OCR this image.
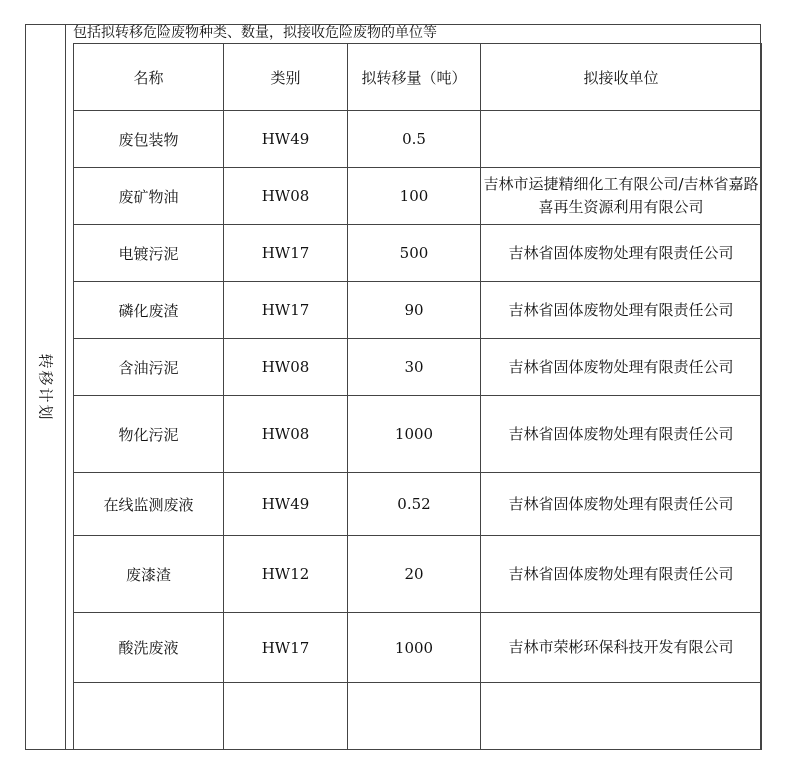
转移计划
包括拟转移危险废物种类、数量，拟接收危险废物的单位等
名称	类别	拟转移量（吨）	拟接收单位
废包装物	HW49	0.5	
废矿物油	HW08	100	吉林市运捷精细化工有限公司/吉林省嘉路喜再生资源利用有限公司
电镀污泥	HW17	500	吉林省固体废物处理有限责任公司
磷化废渣	HW17	90	吉林省固体废物处理有限责任公司
含油污泥	HW08	30	吉林省固体废物处理有限责任公司
物化污泥	HW08	1000	吉林省固体废物处理有限责任公司
在线监测废液	HW49	0.52	吉林省固体废物处理有限责任公司
废漆渣	HW12	20	吉林省固体废物处理有限责任公司
酸洗废液	HW17	1000	吉林市荣彬环保科技开发有限公司
